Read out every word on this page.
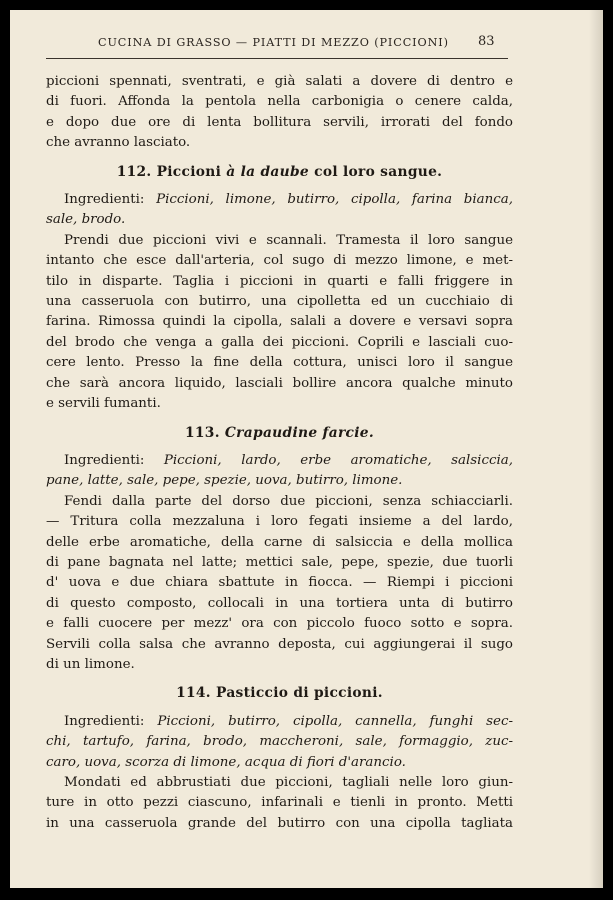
CUCINA DI GRASSO — PIATTI DI MEZZO (PICCIONI) 83
piccioni spennati, sventrati, e già salati a dovere di dentro e
di fuori. Affonda la pentola nella carbonigia o cenere calda,
e dopo due ore di lenta bollitura servili, irrorati del fondo
che avranno lasciato.
112. Piccioni à la daube col loro sangue.
Ingredienti: Piccioni, limone, butirro, cipolla, farina bianca,
sale, brodo.
Prendi due piccioni vivi e scannali. Tramesta il loro sangue
intanto che esce dall'arteria, col sugo di mezzo limone, e met-
tilo in disparte. Taglia i piccioni in quarti e falli friggere in
una casseruola con butirro, una cipolletta ed un cucchiaio di
farina. Rimossa quindi la cipolla, salali a dovere e versavi sopra
del brodo che venga a galla dei piccioni. Coprili e lasciali cuo-
cere lento. Presso la fine della cottura, unisci loro il sangue
che sarà ancora liquido, lasciali bollire ancora qualche minuto
e servili fumanti.
113. Crapaudine farcie.
Ingredienti: Piccioni, lardo, erbe aromatiche, salsiccia,
pane, latte, sale, pepe, spezie, uova, butirro, limone.
Fendi dalla parte del dorso due piccioni, senza schiacciarli.
— Tritura colla mezzaluna i loro fegati insieme a del lardo,
delle erbe aromatiche, della carne di salsiccia e della mollica
di pane bagnata nel latte; mettici sale, pepe, spezie, due tuorli
d' uova e due chiara sbattute in fiocca. — Riempi i piccioni
di questo composto, collocali in una tortiera unta di butirro
e falli cuocere per mezz' ora con piccolo fuoco sotto e sopra.
Servili colla salsa che avranno deposta, cui aggiungerai il sugo
di un limone.
114. Pasticcio di piccioni.
Ingredienti: Piccioni, butirro, cipolla, cannella, funghi sec-
chi, tartufo, farina, brodo, maccheroni, sale, formaggio, zuc-
caro, uova, scorza di limone, acqua di fiori d'arancio.
Mondati ed abbrustiati due piccioni, tagliali nelle loro giun-
ture in otto pezzi ciascuno, infarinali e tienli in pronto. Metti
in una casseruola grande del butirro con una cipolla tagliata
